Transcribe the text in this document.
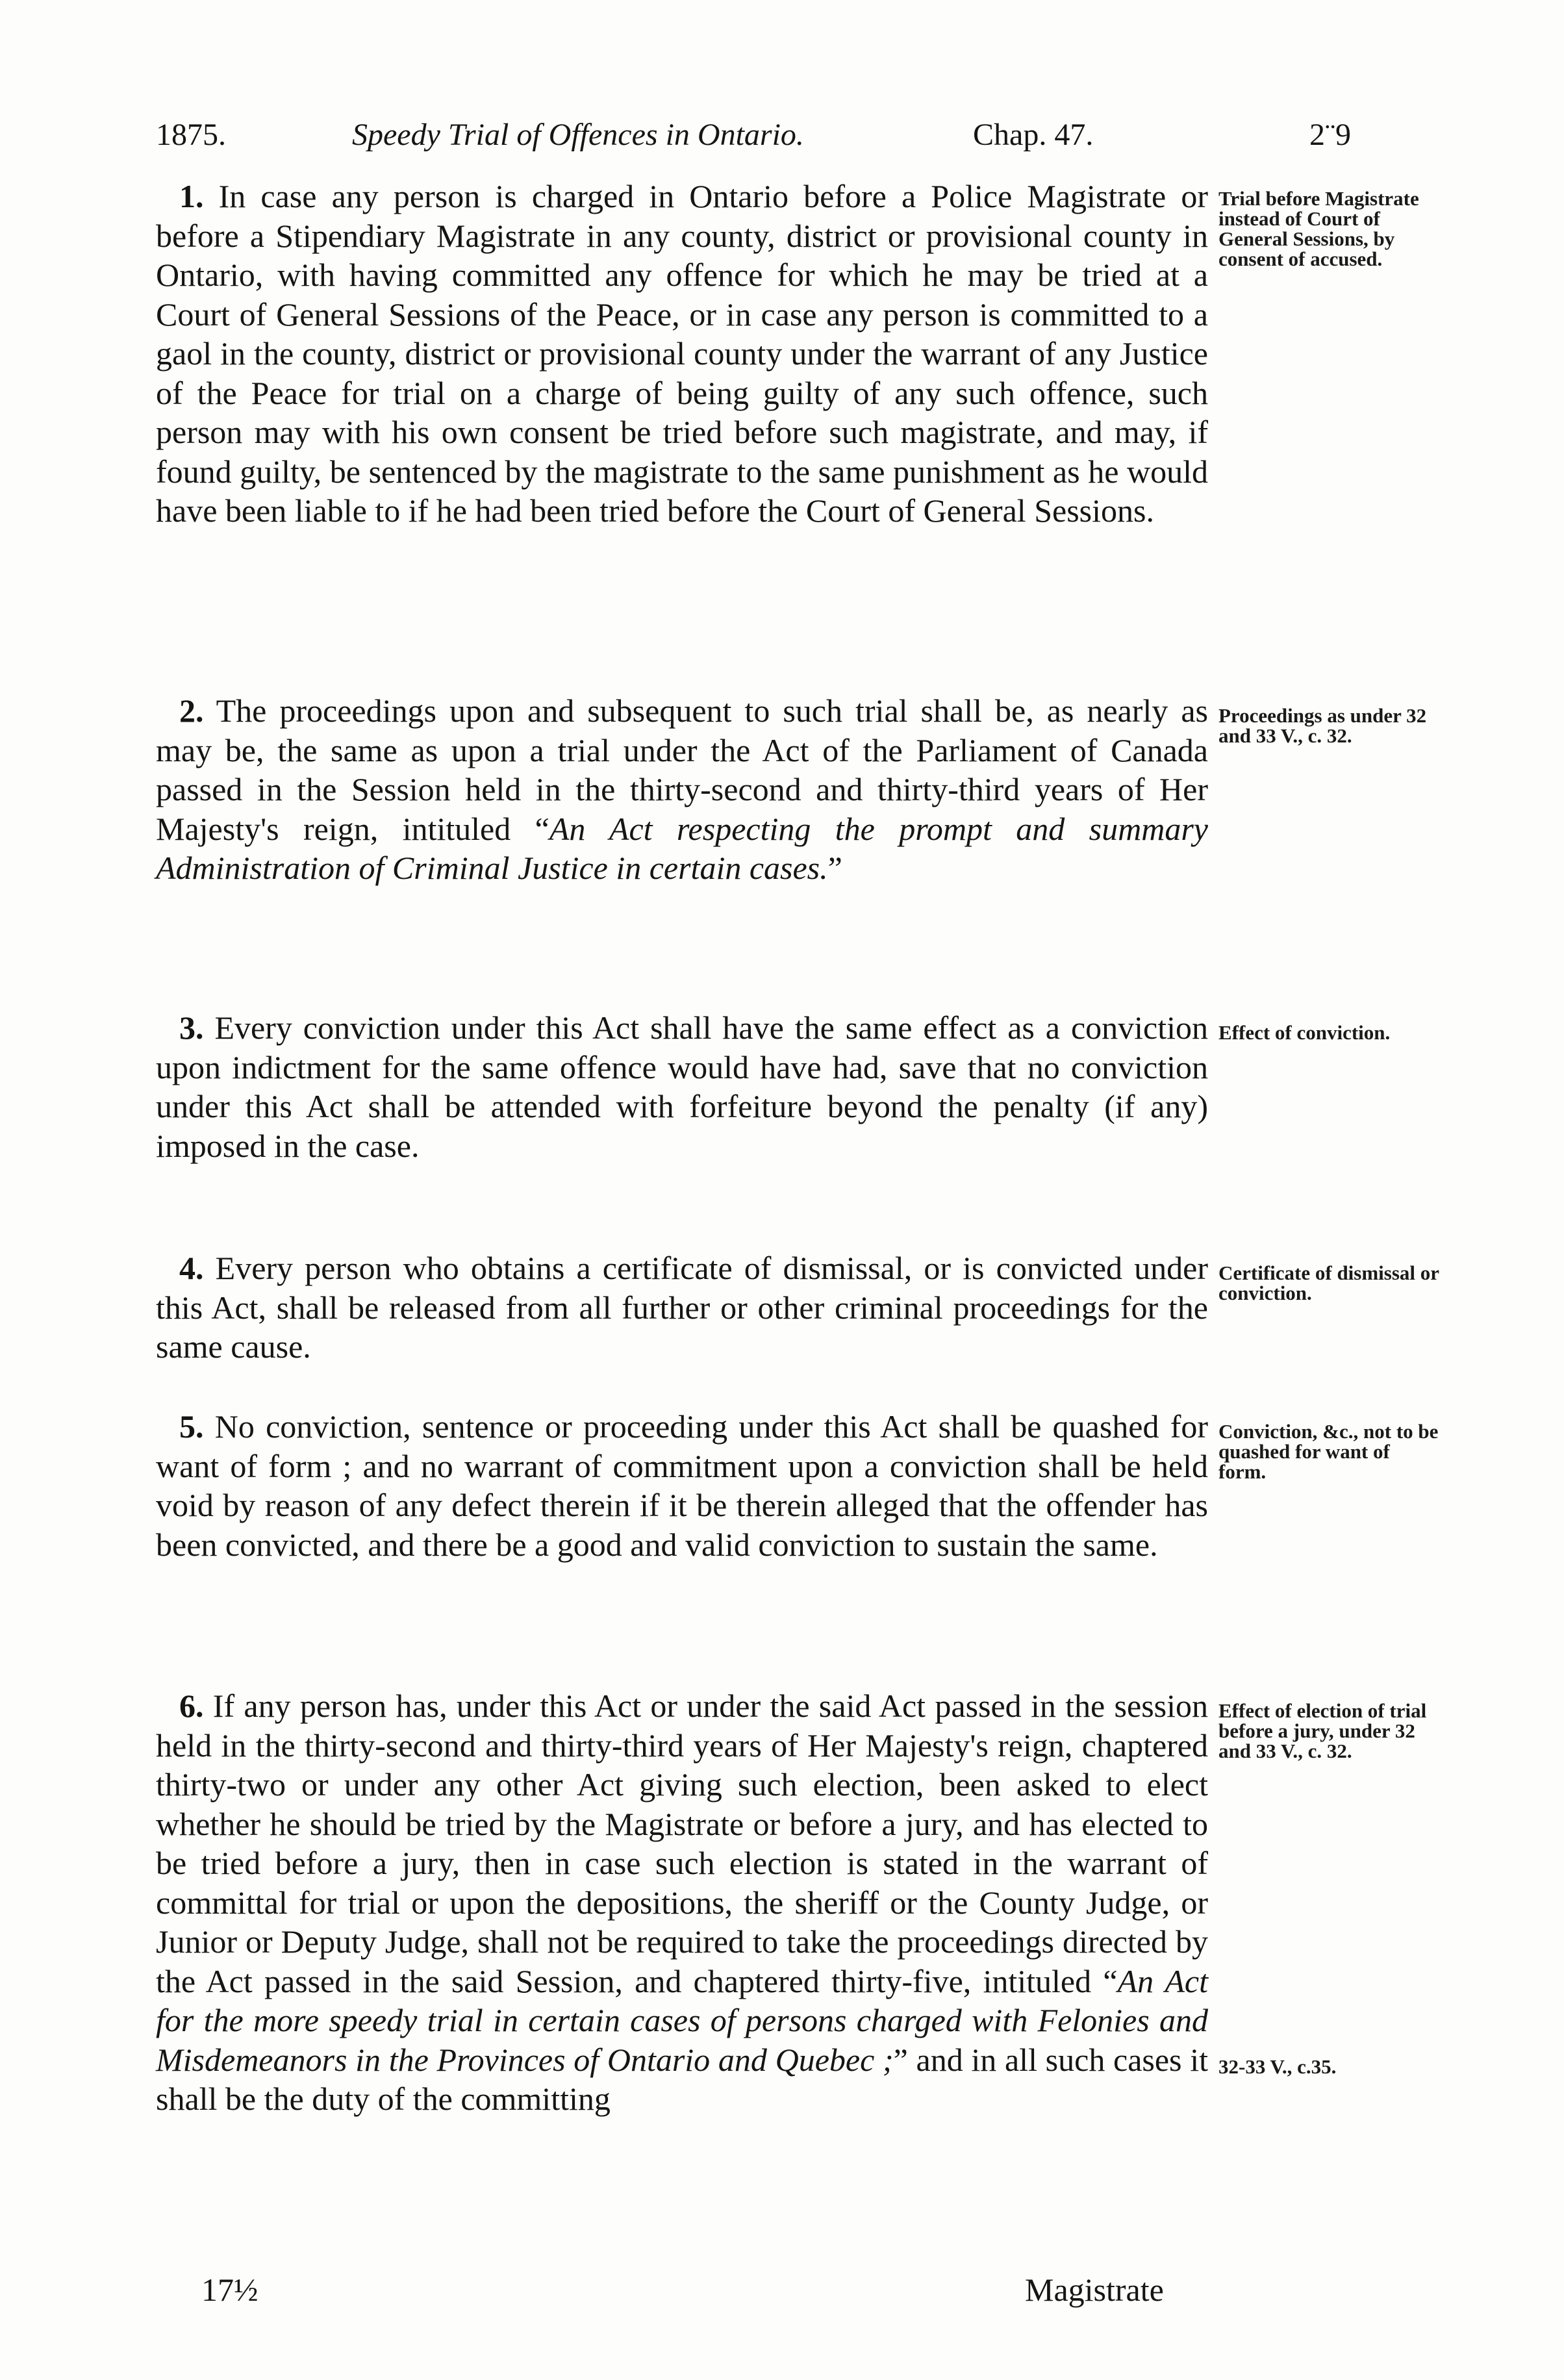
1875.	Speedy Trial of Offences in Ontario.	Chap. 47.	2¨9

1. In case any person is charged in Ontario before a Police Magistrate or before a Stipendiary Magistrate in any county, district or provisional county in Ontario, with having committed any offence for which he may be tried at a Court of General Sessions of the Peace, or in case any person is committed to a gaol in the county, district or provisional county under the warrant of any Justice of the Peace for trial on a charge of being guilty of any such offence, such person may with his own consent be tried before such magistrate, and may, if found guilty, be sentenced by the magistrate to the same punishment as he would have been liable to if he had been tried before the Court of General Sessions.

Trial before Magistrate instead of Court of General Sessions, by consent of accused.

2. The proceedings upon and subsequent to such trial shall be, as nearly as may be, the same as upon a trial under the Act of the Parliament of Canada passed in the Session held in the thirty-second and thirty-third years of Her Majesty's reign, intituled “An Act respecting the prompt and summary Administration of Criminal Justice in certain cases.”

Proceedings as under 32 and 33 V., c. 32.

3. Every conviction under this Act shall have the same effect as a conviction upon indictment for the same offence would have had, save that no conviction under this Act shall be attended with forfeiture beyond the penalty (if any) imposed in the case.

Effect of conviction.

4. Every person who obtains a certificate of dismissal, or is convicted under this Act, shall be released from all further or other criminal proceedings for the same cause.

Certificate of dismissal or conviction.

5. No conviction, sentence or proceeding under this Act shall be quashed for want of form ; and no warrant of commitment upon a conviction shall be held void by reason of any defect therein if it be therein alleged that the offender has been convicted, and there be a good and valid conviction to sustain the same.

Conviction, &c., not to be quashed for want of form.

6. If any person has, under this Act or under the said Act passed in the session held in the thirty-second and thirty-third years of Her Majesty's reign, chaptered thirty-two or under any other Act giving such election, been asked to elect whether he should be tried by the Magistrate or before a jury, and has elected to be tried before a jury, then in case such election is stated in the warrant of committal for trial or upon the depositions, the sheriff or the County Judge, or Junior or Deputy Judge, shall not be required to take the proceedings directed by the Act passed in the said Session, and chaptered thirty-five, intituled “An Act for the more speedy trial in certain cases of persons charged with Felonies and Misdemeanors in the Provinces of Ontario and Quebec ;” and in all such cases it shall be the duty of the committing

Effect of election of trial before a jury, under 32 and 33 V., c. 32.

32-33 V., c.35.

17½	Magistrate
